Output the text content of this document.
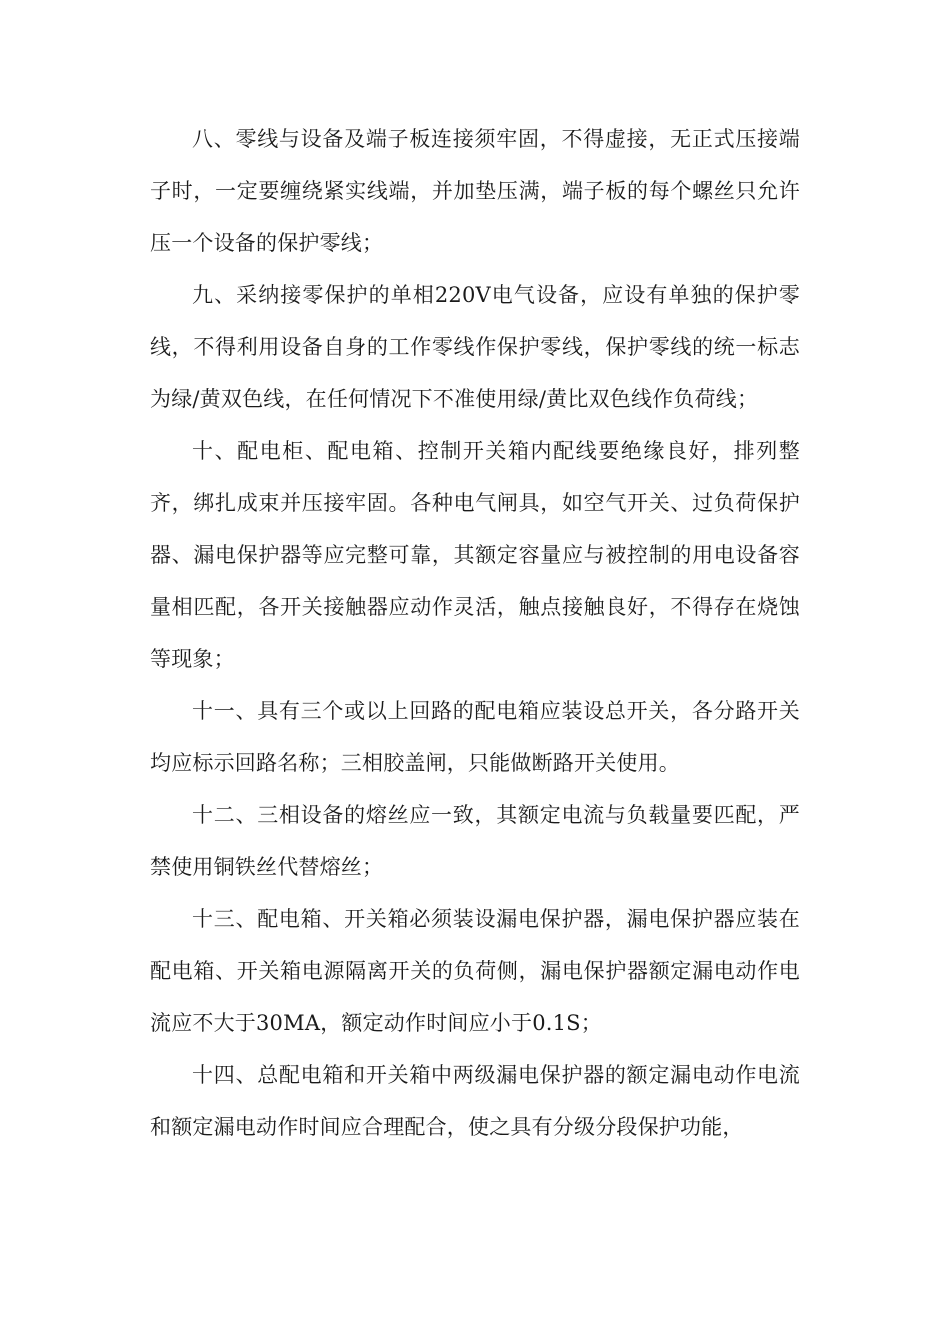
八、零线与设备及端子板连接须牢固，不得虚接，无正式压接端子时，一定要缠绕紧实线端，并加垫压满，端子板的每个螺丝只允许压一个设备的保护零线；

九、采纳接零保护的单相220V电气设备，应设有单独的保护零线，不得利用设备自身的工作零线作保护零线，保护零线的统一标志为绿/黄双色线，在任何情况下不准使用绿/黄比双色线作负荷线；

十、配电柜、配电箱、控制开关箱内配线要绝缘良好，排列整齐，绑扎成束并压接牢固。各种电气闸具，如空气开关、过负荷保护器、漏电保护器等应完整可靠，其额定容量应与被控制的用电设备容量相匹配，各开关接触器应动作灵活，触点接触良好，不得存在烧蚀等现象；

十一、具有三个或以上回路的配电箱应装设总开关，各分路开关均应标示回路名称；三相胶盖闸，只能做断路开关使用。

十二、三相设备的熔丝应一致，其额定电流与负载量要匹配，严禁使用铜铁丝代替熔丝；

十三、配电箱、开关箱必须装设漏电保护器，漏电保护器应装在配电箱、开关箱电源隔离开关的负荷侧，漏电保护器额定漏电动作电流应不大于30MA，额定动作时间应小于0.1S；

十四、总配电箱和开关箱中两级漏电保护器的额定漏电动作电流和额定漏电动作时间应合理配合，使之具有分级分段保护功能，
